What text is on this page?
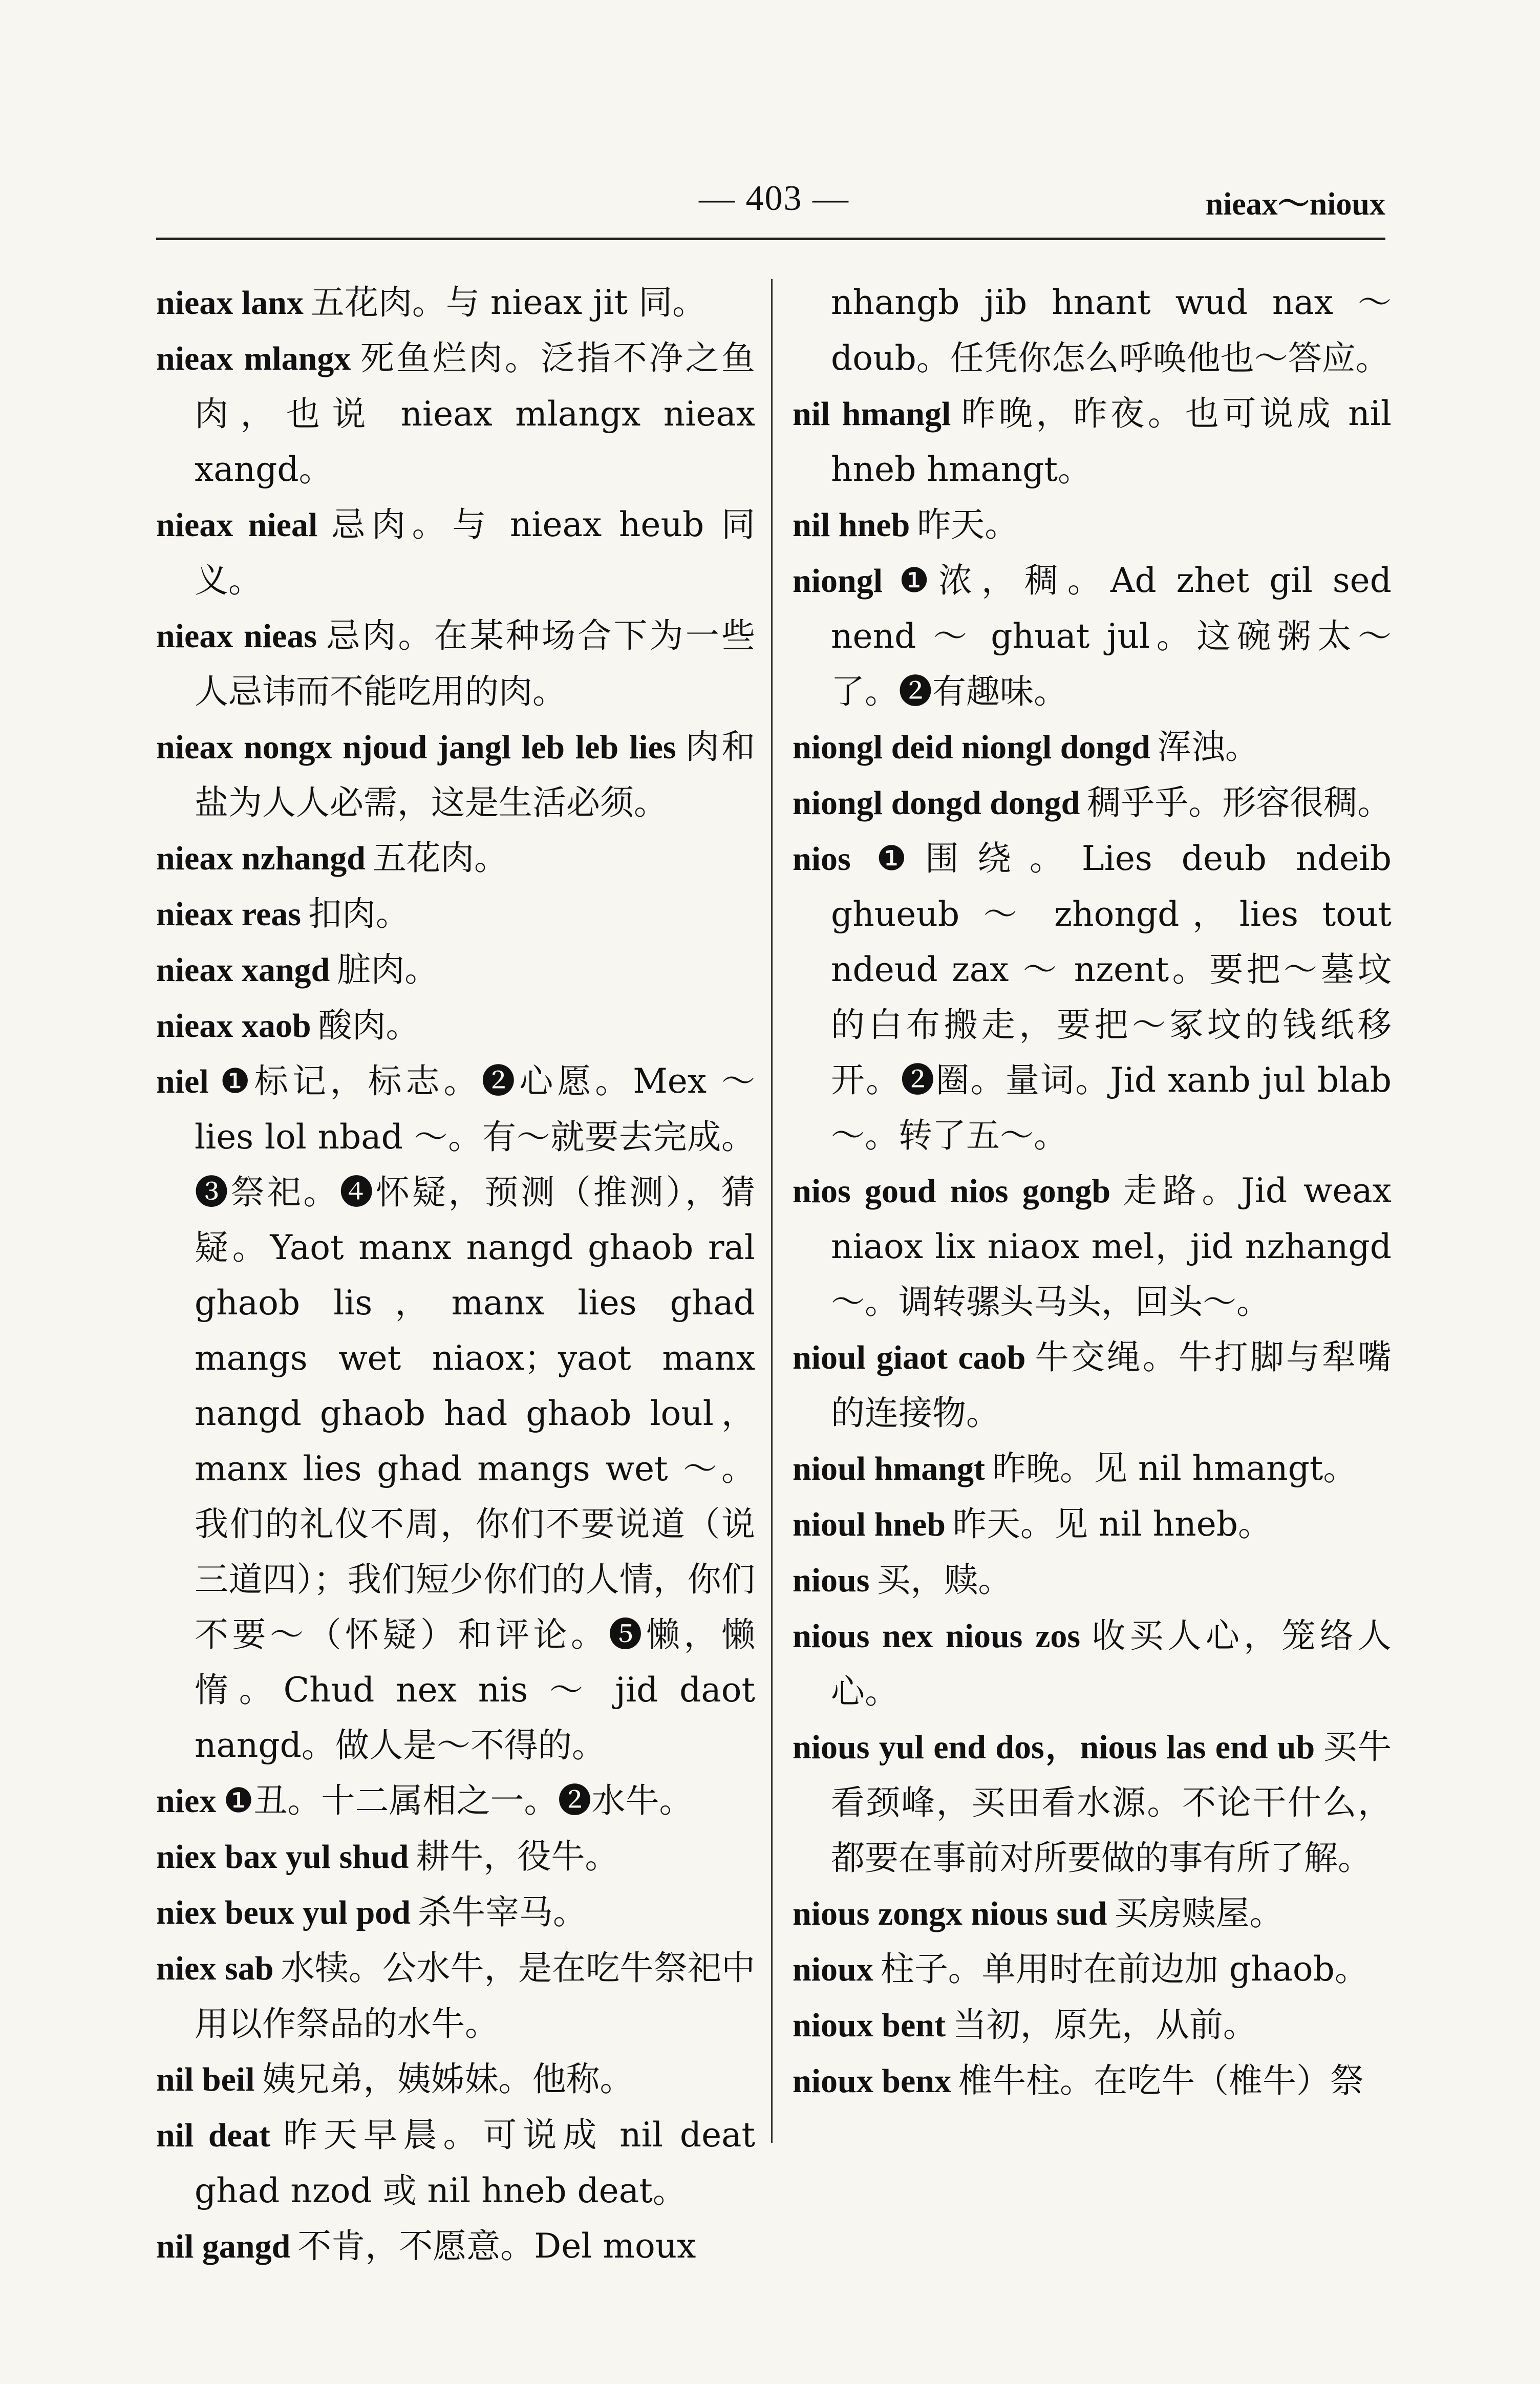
— 403 —	nieax～nioux

nieax lanx 五花肉。与 nieax jit 同。

nieax mlangx 死鱼烂肉。泛指不净之鱼肉，也说 nieax mlangx nieax xangd。

nieax nieal 忌肉。与 nieax heub 同义。

nieax nieas 忌肉。在某种场合下为一些人忌讳而不能吃用的肉。

nieax nongx njoud jangl leb leb lies 肉和盐为人人必需，这是生活必须。

nieax nzhangd 五花肉。

nieax reas 扣肉。

nieax xangd 脏肉。

nieax xaob 酸肉。

niel ❶标记，标志。❷心愿。Mex ～ lies lol nbad ～。有～就要去完成。❸祭祀。❹怀疑，预测（推测），猜疑。Yaot manx nangd ghaob ral ghaob lis，manx lies ghad mangs wet niaox；yaot manx nangd ghaob had ghaob loul，manx lies ghad mangs wet ～。我们的礼仪不周，你们不要说道（说三道四）；我们短少你们的人情，你们不要～（怀疑）和评论。❺懒，懒惰。Chud nex nis ～ jid daot nangd。做人是～不得的。

niex ❶丑。十二属相之一。❷水牛。

niex bax yul shud 耕牛，役牛。

niex beux yul pod 杀牛宰马。

niex sab 水犊。公水牛，是在吃牛祭祀中用以作祭品的水牛。

nil beil 姨兄弟，姨姊妹。他称。

nil deat 昨天早晨。可说成 nil deat ghad nzod 或 nil hneb deat。

nil gangd 不肯，不愿意。Del moux

nhangb jib hnant wud nax ～ doub。任凭你怎么呼唤他也～答应。

nil hmangl 昨晚，昨夜。也可说成 nil hneb hmangt。

nil hneb 昨天。

niongl ❶浓，稠。Ad zhet gil sed nend ～ ghuat jul。这碗粥太～了。❷有趣味。

niongl deid niongl dongd 浑浊。

niongl dongd dongd 稠乎乎。形容很稠。

nios ❶围绕。Lies deub ndeib ghueub ～ zhongd，lies tout ndeud zax ～ nzent。要把～墓坟的白布搬走，要把～冢坟的钱纸移开。❷圈。量词。Jid xanb jul blab ～。转了五～。

nios goud nios gongb 走路。Jid weax niaox lix niaox mel，jid nzhangd ～。调转骡头马头，回头～。

nioul giaot caob 牛交绳。牛打脚与犁嘴的连接物。

nioul hmangt 昨晚。见 nil hmangt。

nioul hneb 昨天。见 nil hneb。

nious 买，赎。

nious nex nious zos 收买人心，笼络人心。

nious yul end dos，nious las end ub 买牛看颈峰，买田看水源。不论干什么，都要在事前对所要做的事有所了解。

nious zongx nious sud 买房赎屋。

nioux 柱子。单用时在前边加 ghaob。

nioux bent 当初，原先，从前。

nioux benx 椎牛柱。在吃牛（椎牛）祭
